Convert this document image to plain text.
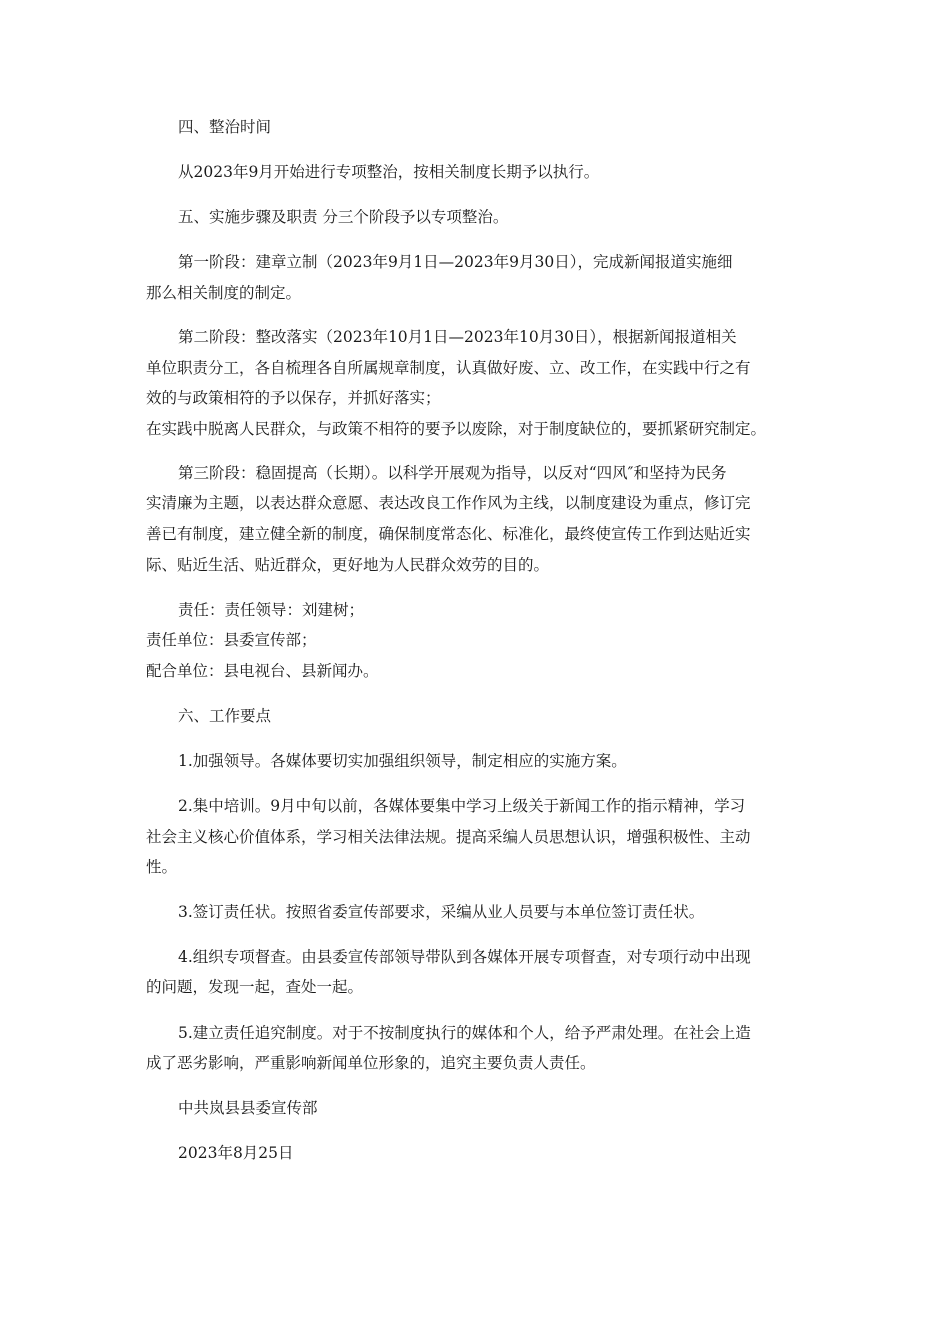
四、整治时间
从2023年9月开始进行专项整治，按相关制度长期予以执行。
五、实施步骤及职责 分三个阶段予以专项整治。
第一阶段：建章立制（2023年9月1日—2023年9月30日），完成新闻报道实施细
那么相关制度的制定。
第二阶段：整改落实（2023年10月1日—2023年10月30日），根据新闻报道相关
单位职责分工，各自梳理各自所属规章制度，认真做好废、立、改工作，在实践中行之有
效的与政策相符的予以保存，并抓好落实；
在实践中脱离人民群众，与政策不相符的要予以废除，对于制度缺位的，要抓紧研究制定。
第三阶段：稳固提高（长期）。以科学开展观为指导，以反对“四风″和坚持为民务
实清廉为主题，以表达群众意愿、表达改良工作作风为主线，以制度建设为重点，修订完
善已有制度，建立健全新的制度，确保制度常态化、标准化，最终使宣传工作到达贴近实
际、贴近生活、贴近群众，更好地为人民群众效劳的目的。
责任：责任领导：刘建树；
责任单位：县委宣传部；
配合单位：县电视台、县新闻办。
六、工作要点
1.加强领导。各媒体要切实加强组织领导，制定相应的实施方案。
2.集中培训。9月中旬以前，各媒体要集中学习上级关于新闻工作的指示精神，学习
社会主义核心价值体系，学习相关法律法规。提高采编人员思想认识，增强积极性、主动
性。
3.签订责任状。按照省委宣传部要求，采编从业人员要与本单位签订责任状。
4.组织专项督查。由县委宣传部领导带队到各媒体开展专项督查，对专项行动中出现
的问题，发现一起，查处一起。
5.建立责任追究制度。对于不按制度执行的媒体和个人，给予严肃处理。在社会上造
成了恶劣影响，严重影响新闻单位形象的，追究主要负责人责任。
中共岚县县委宣传部
2023年8月25日
